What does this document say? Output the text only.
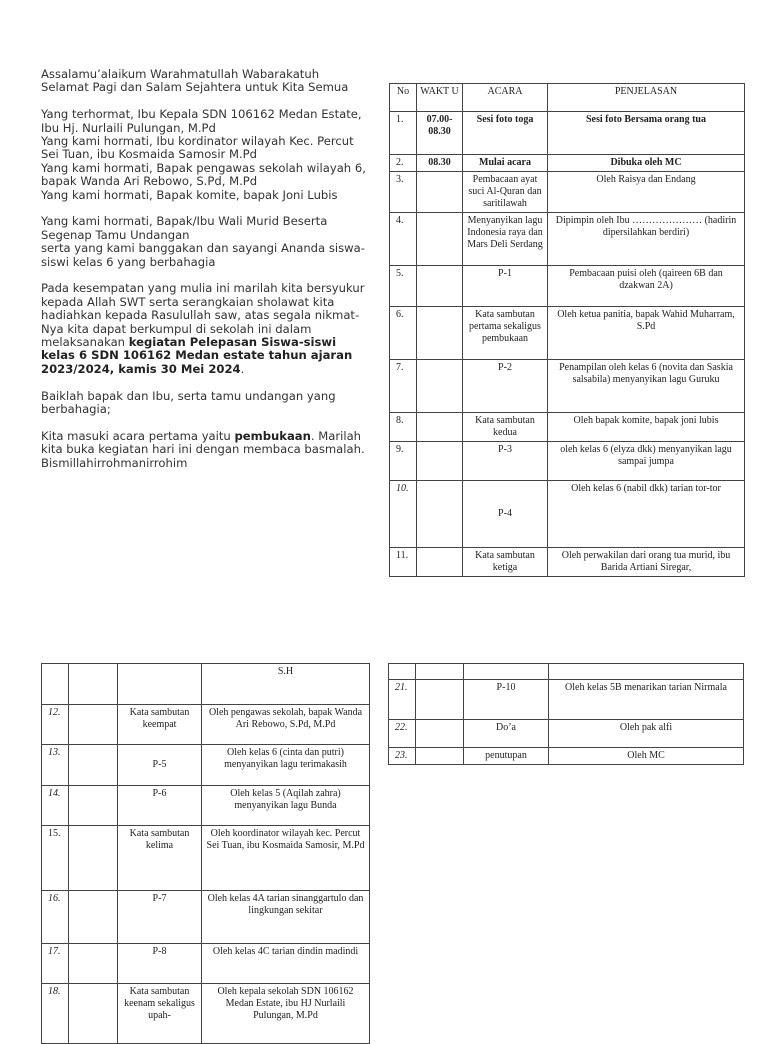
Assalamu’alaikum Warahmatullah Wabarakatuh
Selamat Pagi dan Salam Sejahtera untuk Kita Semua

Yang terhormat, Ibu Kepala SDN 106162 Medan Estate,
Ibu Hj. Nurlaili Pulungan, M.Pd
Yang kami hormati, Ibu kordinator wilayah Kec. Percut
Sei Tuan, ibu Kosmaida Samosir M.Pd
Yang kami hormati, Bapak pengawas sekolah wilayah 6,
bapak Wanda Ari Rebowo, S.Pd, M.Pd
Yang kami hormati, Bapak komite, bapak Joni Lubis

Yang kami hormati, Bapak/Ibu Wali Murid Beserta
Segenap Tamu Undangan
serta yang kami banggakan dan sayangi Ananda siswa-
siswi kelas 6 yang berbahagia

Pada kesempatan yang mulia ini marilah kita bersyukur
kepada Allah SWT serta serangkaian sholawat kita
hadiahkan kepada Rasulullah saw, atas segala nikmat-
Nya kita dapat berkumpul di sekolah ini dalam
melaksanakan kegiatan Pelepasan Siswa-siswi
kelas 6 SDN 106162 Medan estate tahun ajaran
2023/2024, kamis 30 Mei 2024.

Baiklah bapak dan Ibu, serta tamu undangan yang
berbahagia;

Kita masuki acara pertama yaitu pembukaan. Marilah
kita buka kegiatan hari ini dengan membaca basmalah.
Bismillahirrohmanirrohim

No	WAKT U	ACARA	PENJELASAN
1.	07.00- 08.30	Sesi foto toga	Sesi foto Bersama orang tua
2.	08.30	Mulai acara	Dibuka oleh MC
3.		Pembacaan ayat suci Al-Quran dan saritilawah	Oleh Raisya dan Endang
4.		Menyanyikan lagu Indonesia raya dan Mars Deli Serdang	Dipimpin oleh Ibu ………………… (hadirin dipersilahkan berdiri)
5.		P-1	Pembacaan puisi oleh (qaireen 6B dan dzakwan 2A)
6.		Kata sambutan pertama sekaligus pembukaan	Oleh ketua panitia, bapak Wahid Muharram, S.Pd
7.		P-2	Penampilan oleh kelas 6 (novita dan Saskia salsabila) menyanyikan lagu Guruku
8.		Kata sambutan kedua	Oleh bapak komite, bapak joni lubis
9.		P-3	oleh kelas 6 (elyza dkk) menyanyikan lagu sampai jumpa
10.		P-4	Oleh kelas 6 (nabil dkk) tarian tor-tor
11.		Kata sambutan ketiga	Oleh perwakilan dari orang tua murid, ibu Barida Artiani Siregar,
			S.H
12.		Kata sambutan keempat	Oleh pengawas sekolah, bapak Wanda Ari Rebowo, S.Pd, M.Pd
13.		P-5	Oleh kelas 6 (cinta dan putri) menyanyikan lagu terimakasih
14.		P-6	Oleh kelas 5 (Aqilah zahra) menyanyikan lagu Bunda
15.		Kata sambutan kelima	Oleh koordinator wilayah kec. Percut Sei Tuan, ibu Kosmaida Samosir, M.Pd
16.		P-7	Oleh kelas 4A tarian sinanggartulo dan lingkungan sekitar
17.		P-8	Oleh kelas 4C tarian dindin madindi
18.		Kata sambutan keenam sekaligus upah-	Oleh kepala sekolah SDN 106162 Medan Estate, ibu HJ Nurlaili Pulungan, M.Pd

21.		P-10	Oleh kelas 5B menarikan tarian Nirmala
22.		Do’a	Oleh pak alfi
23.		penutupan	Oleh MC
